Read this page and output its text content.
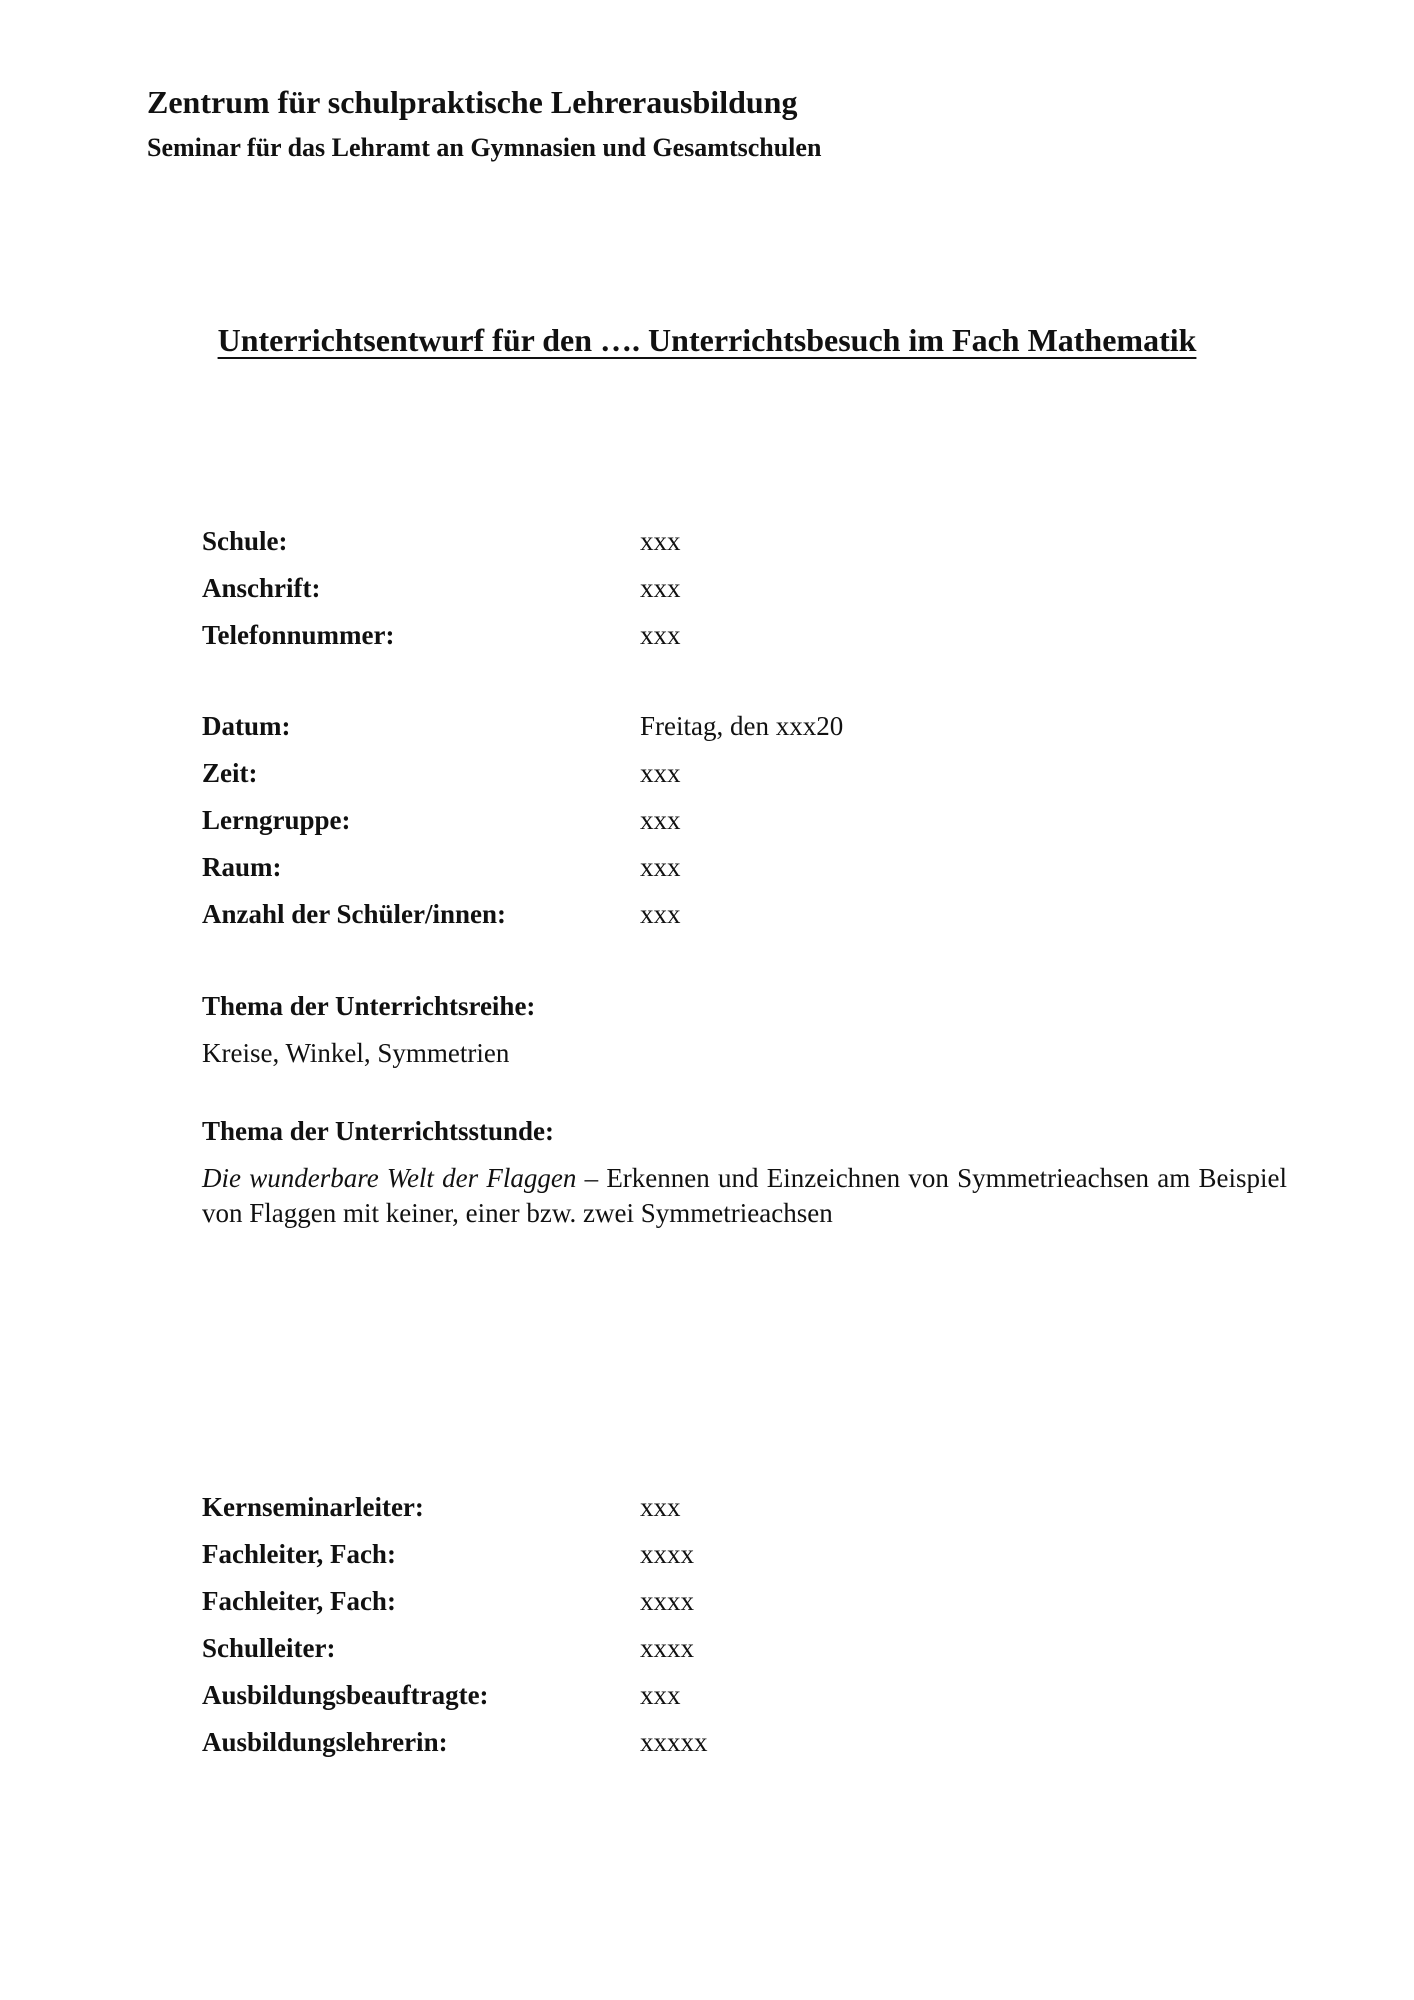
Zentrum für schulpraktische Lehrerausbildung
Seminar für das Lehramt an Gymnasien und Gesamtschulen
Unterrichtsentwurf für den …. Unterrichtsbesuch im Fach Mathematik
Schule:	xxx
Anschrift:	xxx
Telefonnummer:	xxx
Datum:	Freitag, den xxx20
Zeit:	xxx
Lerngruppe:	xxx
Raum:	xxx
Anzahl der Schüler/innen:	xxx
Thema der Unterrichtsreihe:
Kreise, Winkel, Symmetrien
Thema der Unterrichtsstunde:
Die wunderbare Welt der Flaggen – Erkennen und Einzeichnen von Symmetrieachsen am Beispiel von Flaggen mit keiner, einer bzw. zwei Symmetrieachsen
Kernseminarleiter:	xxx
Fachleiter, Fach:	xxxx
Fachleiter, Fach:	xxxx
Schulleiter:	xxxx
Ausbildungsbeauftragte:	xxx
Ausbildungslehrerin:	xxxxx
